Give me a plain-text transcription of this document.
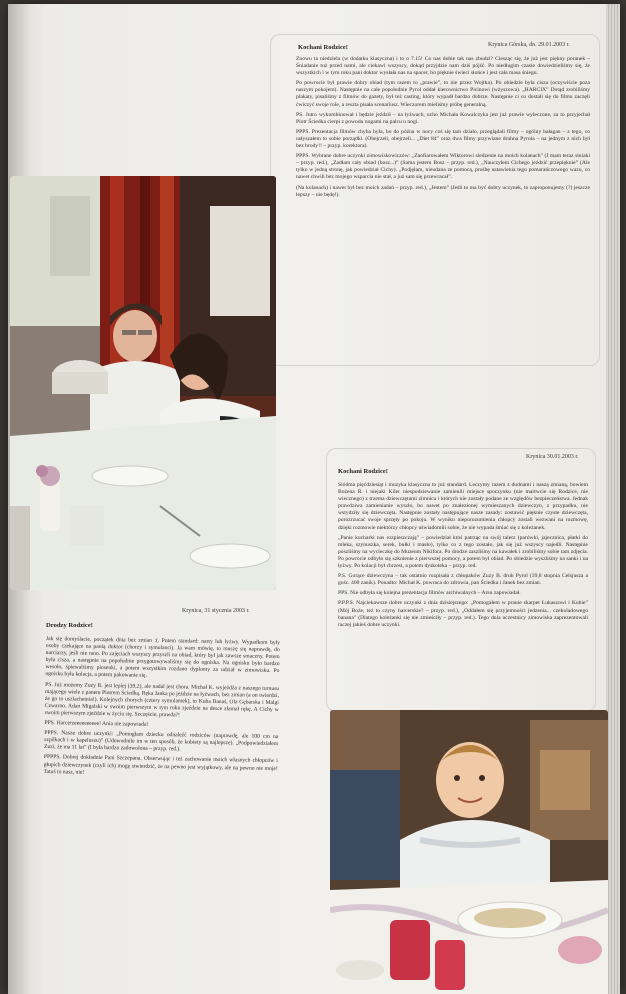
Kochani Rodzice!	Krynica Górska, dn. 29.01.2003 r.

Znowu ta niedziela (w dodatku klasyczna) i to o 7.15! Co nas dobie tak nas zbudzi? Ciesząc się, że już jest piękny poranek – Śniadanie tuż przed nami, ale ciekawi wszyscy, dokąd przyjdzie nam dziś pójść. Po niedługim czasie dowiedzieliśmy się, że wszystkich i w tym roku pani doktor wysłała nas na spacer, bo pięknie świeci słońce i jest cała masa śniegu.

Po powrocie był prawie dobry obiad (tym razem to „prawie”, to nie przez Wojtka). Po obiedzie była cisza (oczywiście poza naszym pokojem). Następnie na cale popołudnie Pyrol oddał kierownictwo Picinowi (wżyszowa). „HARCIX” Dotąd zrobiliśmy plakaty, pisaliśmy z filmów do gazety, był też casting, który wypadł bardzo dobrze. Następnie ci co dostali się do filmu zaczęli ćwiczyć swoje role, a reszta pisała scenariusz. Wieczorem mieliśmy próbę generalną.

PS. Jutro wykombinował i będzie jeździł – na łyżwach, ucho Michała Kowalczyka jest już prawie wyleczone, za to przyjechał Piotr Ściedka cierpi z powodu nogami na palcu u nogi.

PPPS. Prezentacja filmów chyba była, bo do późna w nocy coś się tam działo, przeglądali filmy – ogólny bałagan – z tego, co usłyszałem to sobie porządki. (Obejrzeli, obejrzeli... „Diet 84” oraz dwa filmy przywiane druhna Pyrola – na jednym z nich był bez brody!! – przyp. korektora).

PPPS. Wybrane dobre uczynki zimowiskowiczów: „Zaofiarowałem Wiktorowi siedzenie na moich kolanach” (I mam teraz siniaki – przyp. red.), „Zadłam cały obiad (bosz...)” (Sama jestem Bosz – przyp. red.), „Nauczyłem Cichego jeździć przepięknie” (Ale tylko w jedną stronę, jak powiedział Cichy). „Podjęłam, nieudana ze pomocą, prośbę ustawienia tego pomarańczowego wazu, co nawet chwili bez mojego wsparcia nie stał, a już sam się przewracał”.

(Na kolanach) i nawet był bez moich zadań – przyp. red.), „Jestem” (Jeśli to ma być dobry uczynek, to zaproponujemy (?) jeszcze lepszy – nie będę!).

Krynica 30.01.2003 r.
Kochani Rodzice!

Siódma pięćdziesiąt i muzyka klasyczna to już standard. Leczymy razem z dudnami i naszą zmianą, bowiem Bożena R. i niejaki Kiler niespodziewanie zamienili miejsce spoczynku (nie martwcie się Rodzice, nie wiecznego) z trzema dziewczętami zimnica i których nie zostały podane ze względów bezpieczeństwa. Jednak prawdziwa zamienianie wyszło, bo nawet po znalezionej wymieszanych dziewczyn, z przypadku, nie wstydziły się dziewczęta. Następnie zostały następujące nasze zasady: zostawić pięknie czyste dziewczęta, porozrzucać swoje sprzęty po pokoju. W wyniku nieporozumienia chłopcy zostali wezwani na rozmowę, dzięki rozmowie niektórzy chłopcy uświadomili sobie, że nie wypada śmiać się z koleżanek.

„Panie kucharki nas rozpieszczają” – powiedział ktoś patrząc na swój talerz (parówki, jajecznica, płatki do mleka, szynuszka, serek, bułki i masło), tylko co z tego zostało, jak się już wszyscy najedli. Następnie poszliśmy na wycieczkę do Muzeum Nikifora. Po drodze zaszliśmy na kawałek i zrobiliśmy sobie tam zdjęcia. Po powrocie odbyło się szkolenie z pierwszej pomocy, a potem był obiad. Po obiedzie wyszliśmy na sanki i na łyżwy. Po kolacji był chrzest, a potem dyskoteka – przyp. red.

P.S. Gorące dziewczyna – tak ostatnio rozpisała z chłopaków Zuzy B. druh Pyrol (39,8 stopnia Celsjusza a gośc. 400 zanik). Ponadto: Michał K. powraca do zdrowia, pan Ściedka i Janek bez zmian.

PPS. Nie odbyła się kolejna prezentacja filmów archiwalnych – Arsu zapowiadał.

P.P.P.S. Najciekawsze dobre uczynki z dnia dzisiejszego: „Pomogałem w pranie skarpet Łukaszowi i Kubie” (Mój Boże, też to czyny harcerskie? – przyp. red.), „Oddałem się przyjemności jedzenia... czekoladowego banana” (Dlatego koleżanki się nie zmieściły – przyp. red.). Tego dnia uczestnicy zimowiska zaprezentowali raczej jakieś dobre uczynki.

Krynica, 31 stycznia 2003 r.
Drodzy Rodzice!

Jak się domyślacie, początek dnia bez zmian :(. Potem standard: narty lub łyżwy. Wypadkom były osoby czekające na panią doktor (chorzy i symulanci). Ja wam mówię, to muszę się naprawdę, do narciarzy, jeśli nie rano. Po zajęciach wszyscy przyszli na obiad, który był jak zawsze smaczny. Potem była cisza, a następnie na popołudnie przygotowywaliśmy się do ogniska. Na ognisku było bardzo wesoło, śpiewaliśmy piosenki, a potem wszystkim rozdano dyplomy za udział w zimowisku. Po ognisku była kolacja, a potem pakowanie się.

PS. Już możemy Zuzy B. jest lepiej (39,2), ale nadal jest chora. Michał K. wyjeżdża z naszego turnusu mającego wiele z panem Piotrem Ściedką. Ręka Janka po jeździe na łyżwach, bez zmian (a on twierdzi, że go to uszlachetnia!). Kolejnych chorych (cztery symulantek), to Kuba Banaś, Ola Gębarska i Malgi Czwarno. Adan Migalski w swoim pierwszym w tym roku zjeździe na desce złamał rękę. A Cichy w swoim pierwszym zjeździe w życiu się. Szczęście, prawda?!

PPS. Harcerzeeeeeeeeee! Ania nie zapowiada!

PPPS. Nasze dobre uczynki: „Pomogłam dziecku odnaleźć rodziców (naprawdę, ale 100 cm na szpilkach i w kapeluszu)” (Udowodnile im w ten sposób, że kobiety są najlepsze). „Podpowiedziałem Zuzi, że ma 11 lat” (I była bardzo zadowolona – przyp. red.).

PPPPS. Dobrej dokładnie Pani Szczepana. Obserwując i też zachowanie moich własnych chłopców i głupich dziewczynek (czyli ich) mogę stwierdzić, że na pewno jest wyjątkowy, ale na pewno nie moje! Tatuś to nasz, nie!
